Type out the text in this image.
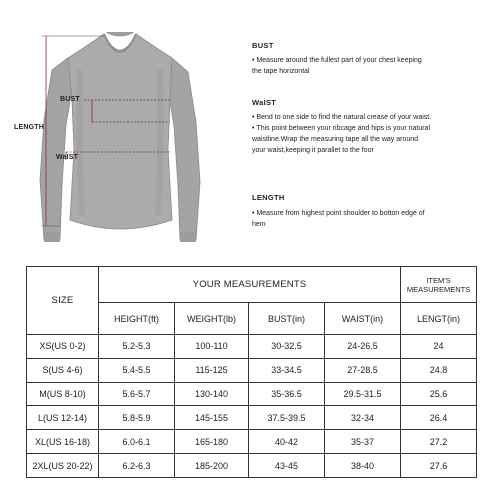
BUST
WaIST
LENGTH
BUST
• Measure around the fullest part of your chest keeping
the tape horizontal
WaIST
• Bend to one side to find the natural crease of your waist.
• This point between your ribcage and hips is your natural
waistline.Wrap the measuring tape all the way around
your waist,keeping it parallet to the foor
LENGTH
• Measure from highest point shoulder to botton edge of
hem
SIZE	YOUR MEASUREMENTS				ITEM'S MEASUREMENTS
	HEIGHT(ft)	WEIGHT(lb)	BUST(in)	WAIST(in)	LENGT(in)
XS(US 0-2)	5.2-5.3	100-110	30-32.5	24-26.5	24
S(US 4-6)	5.4-5.5	115-125	33-34.5	27-28.5	24.8
M(US 8-10)	5.6-5.7	130-140	35-36.5	29.5-31.5	25.6
L(US 12-14)	5.8-5.9	145-155	37.5-39.5	32-34	26.4
XL(US 16-18)	6.0-6.1	165-180	40-42	35-37	27.2
2XL(US 20-22)	6.2-6.3	185-200	43-45	38-40	27.6
